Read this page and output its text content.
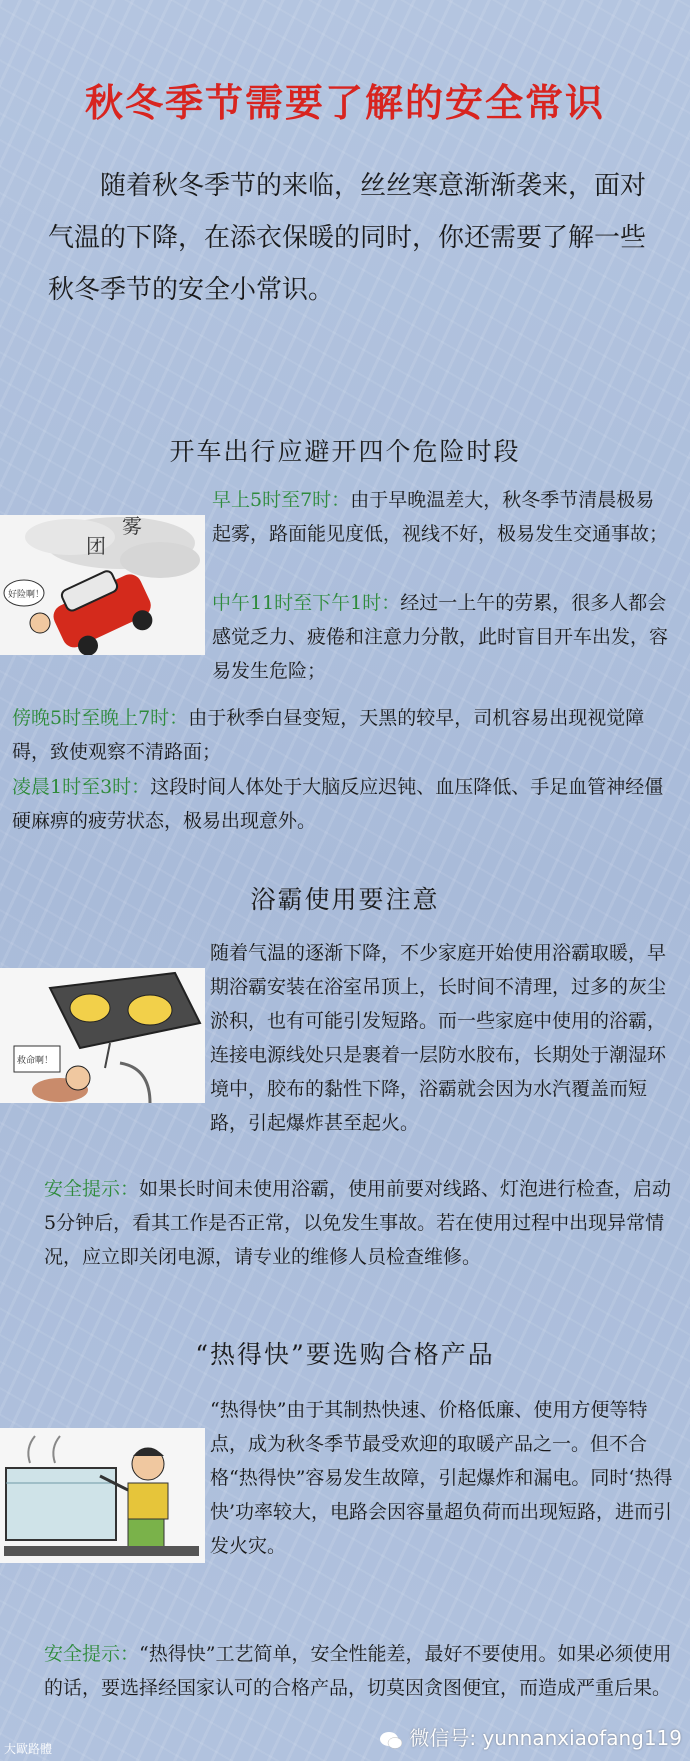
秋冬季节需要了解的安全常识
随着秋冬季节的来临，丝丝寒意渐渐袭来，面对气温的下降，在添衣保暖的同时，你还需要了解一些秋冬季节的安全小常识。
开车出行应避开四个危险时段
团
雾
好险啊！
早上5时至7时：由于早晚温差大，秋冬季节清晨极易起雾，路面能见度低，视线不好，极易发生交通事故；
中午11时至下午1时：经过一上午的劳累，很多人都会感觉乏力、疲倦和注意力分散，此时盲目开车出发，容易发生危险；
傍晚5时至晚上7时：由于秋季白昼变短，天黑的较早，司机容易出现视觉障碍，致使观察不清路面；
凌晨1时至3时：这段时间人体处于大脑反应迟钝、血压降低、手足血管神经僵硬麻痹的疲劳状态，极易出现意外。
浴霸使用要注意
救命啊！
随着气温的逐渐下降，不少家庭开始使用浴霸取暖，早期浴霸安装在浴室吊顶上，长时间不清理，过多的灰尘淤积，也有可能引发短路。而一些家庭中使用的浴霸，连接电源线处只是裹着一层防水胶布，长期处于潮湿环境中，胶布的黏性下降，浴霸就会因为水汽覆盖而短路，引起爆炸甚至起火。
安全提示：如果长时间未使用浴霸，使用前要对线路、灯泡进行检查，启动5分钟后，看其工作是否正常，以免发生事故。若在使用过程中出现异常情况，应立即关闭电源，请专业的维修人员检查维修。
“热得快”要选购合格产品
“热得快”由于其制热快速、价格低廉、使用方便等特点，成为秋冬季节最受欢迎的取暖产品之一。但不合格“热得快”容易发生故障，引起爆炸和漏电。同时‘热得快’功率较大，电路会因容量超负荷而出现短路，进而引发火灾。
安全提示：“热得快”工艺简单，安全性能差，最好不要使用。如果必须使用的话，要选择经国家认可的合格产品，切莫因贪图便宜，而造成严重后果。
大歐路體	微信号: yunnanxiaofang119
